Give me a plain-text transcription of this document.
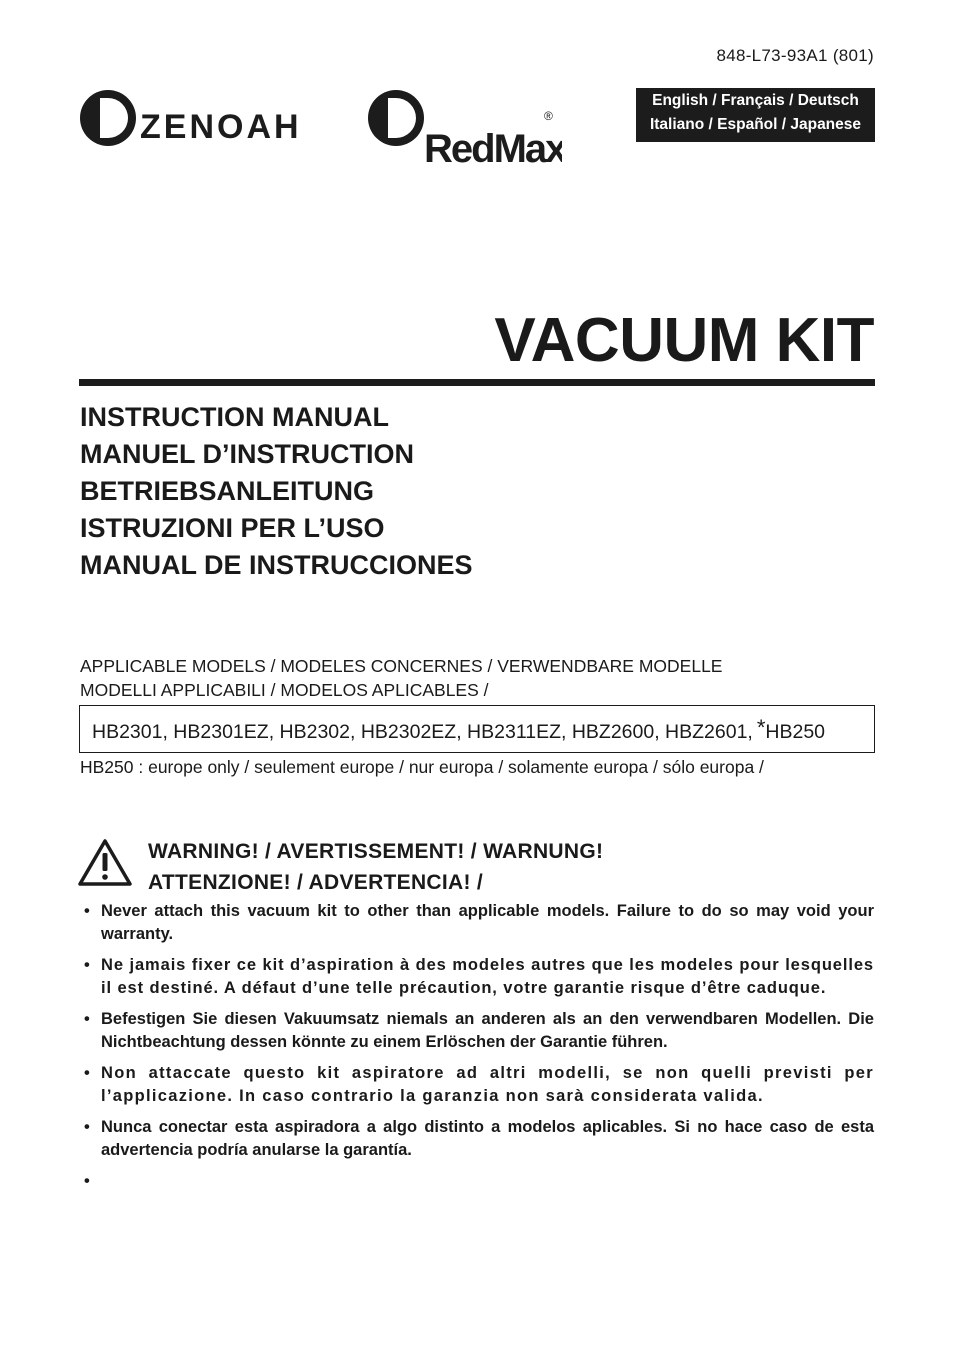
848-L73-93A1 (801)
ZENOAH	RedMax
®
English / Français / Deutsch
Italiano / Español / Japanese
VACUUM KIT
INSTRUCTION MANUAL
MANUEL D’INSTRUCTION
BETRIEBSANLEITUNG
ISTRUZIONI PER L’USO
MANUAL DE INSTRUCCIONES
APPLICABLE MODELS / MODELES CONCERNES / VERWENDBARE MODELLE
MODELLI APPLICABILI / MODELOS APLICABLES /
HB2301, HB2301EZ, HB2302, HB2302EZ, HB2311EZ, HBZ2600, HBZ2601, *HB250
HB250 : europe only / seulement europe / nur europa / solamente europa / sólo europa /
WARNING! / AVERTISSEMENT! / WARNUNG!
ATTENZIONE! / ADVERTENCIA! /
• Never attach this vacuum kit to other than applicable models. Failure to do so may void your warranty.
• Ne jamais fixer ce kit d’aspiration à des modeles autres que les modeles pour lesquelles il est destiné. A défaut d’une telle précaution, votre garantie risque d’être caduque.
• Befestigen Sie diesen Vakuumsatz niemals an anderen als an den verwendbaren Modellen. Die Nichtbeachtung dessen könnte zu einem Erlöschen der Garantie führen.
• Non attaccate questo kit aspiratore ad altri modelli, se non quelli previsti per l’applicazione. In caso contrario la garanzia non sarà considerata valida.
• Nunca conectar esta aspiradora a algo distinto a modelos aplicables. Si no hace caso de esta advertencia podría anularse la garantía.
•
